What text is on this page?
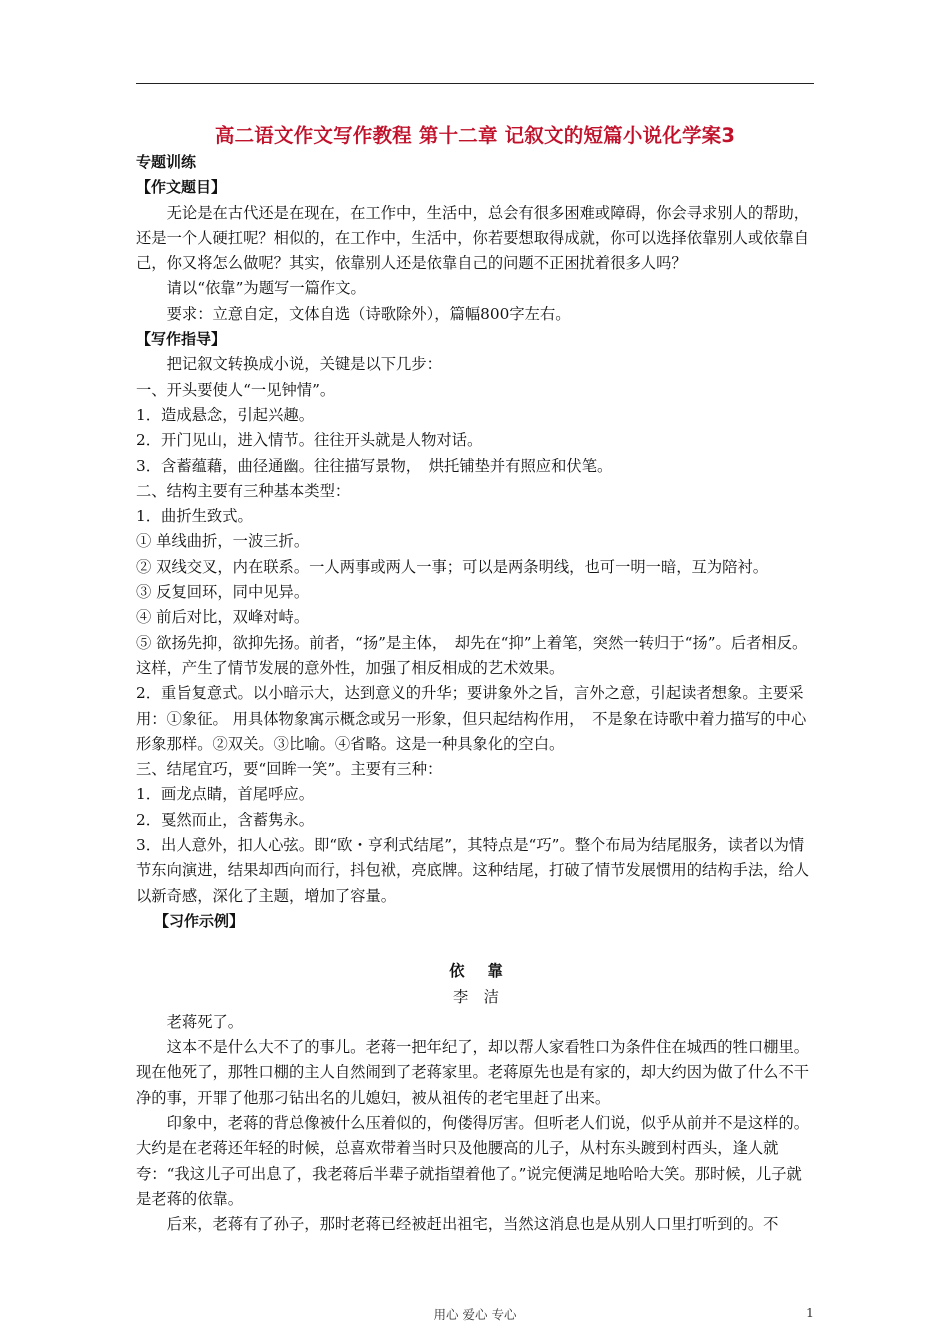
高二语文作文写作教程 第十二章 记叙文的短篇小说化学案3

专题训练

【作文题目】

无论是在古代还是在现在，在工作中，生活中，总会有很多困难或障碍，你会寻求别人的帮助，还是一个人硬扛呢？相似的，在工作中，生活中，你若要想取得成就，你可以选择依靠别人或依靠自己，你又将怎么做呢？其实，依靠别人还是依靠自己的问题不正困扰着很多人吗？

请以“依靠”为题写一篇作文。

要求：立意自定，文体自选（诗歌除外），篇幅800字左右。

【写作指导】

把记叙文转换成小说，关键是以下几步：

一、开头要使人“一见钟情”。

1．造成悬念，引起兴趣。

2．开门见山，进入情节。往往开头就是人物对话。

3．含蓄蕴藉，曲径通幽。往往描写景物，　烘托铺垫并有照应和伏笔。

二、结构主要有三种基本类型：

1．曲折生致式。

① 单线曲折，一波三折。

② 双线交叉，内在联系。一人两事或两人一事；可以是两条明线，也可一明一暗，互为陪衬。

③ 反复回环，同中见异。

④ 前后对比，双峰对峙。

⑤ 欲扬先抑，欲抑先扬。前者，“扬”是主体，　却先在“抑”上着笔，突然一转归于“扬”。后者相反。这样，产生了情节发展的意外性，加强了相反相成的艺术效果。

2．重旨复意式。以小暗示大，达到意义的升华；要讲象外之旨，言外之意，引起读者想象。主要采用：①象征。 用具体物象寓示概念或另一形象，但只起结构作用，　不是象在诗歌中着力描写的中心形象那样。②双关。③比喻。④省略。这是一种具象化的空白。

三、结尾宜巧，要“回眸一笑”。主要有三种：

1．画龙点睛，首尾呼应。

2．戛然而止，含蓄隽永。

3．出人意外，扣人心弦。即“欧・亨利式结尾”，其特点是“巧”。整个布局为结尾服务，读者以为情节东向演进，结果却西向而行，抖包袱，亮底牌。这种结尾，打破了情节发展惯用的结构手法，给人以新奇感，深化了主题，增加了容量。

【习作示例】

依靠

李洁

老蒋死了。

这本不是什么大不了的事儿。老蒋一把年纪了，却以帮人家看牲口为条件住在城西的牲口棚里。现在他死了，那牲口棚的主人自然闹到了老蒋家里。老蒋原先也是有家的，却大约因为做了什么不干净的事，开罪了他那刁钻出名的儿媳妇，被从祖传的老宅里赶了出来。

印象中，老蒋的背总像被什么压着似的，佝偻得厉害。但听老人们说，似乎从前并不是这样的。大约是在老蒋还年轻的时候，总喜欢带着当时只及他腰高的儿子，从村东头踱到村西头，逢人就夸：“我这儿子可出息了，我老蒋后半辈子就指望着他了。”说完便满足地哈哈大笑。那时候，儿子就是老蒋的依靠。

后来，老蒋有了孙子，那时老蒋已经被赶出祖宅，当然这消息也是从别人口里打听到的。不

用心 爱心 专心	1
